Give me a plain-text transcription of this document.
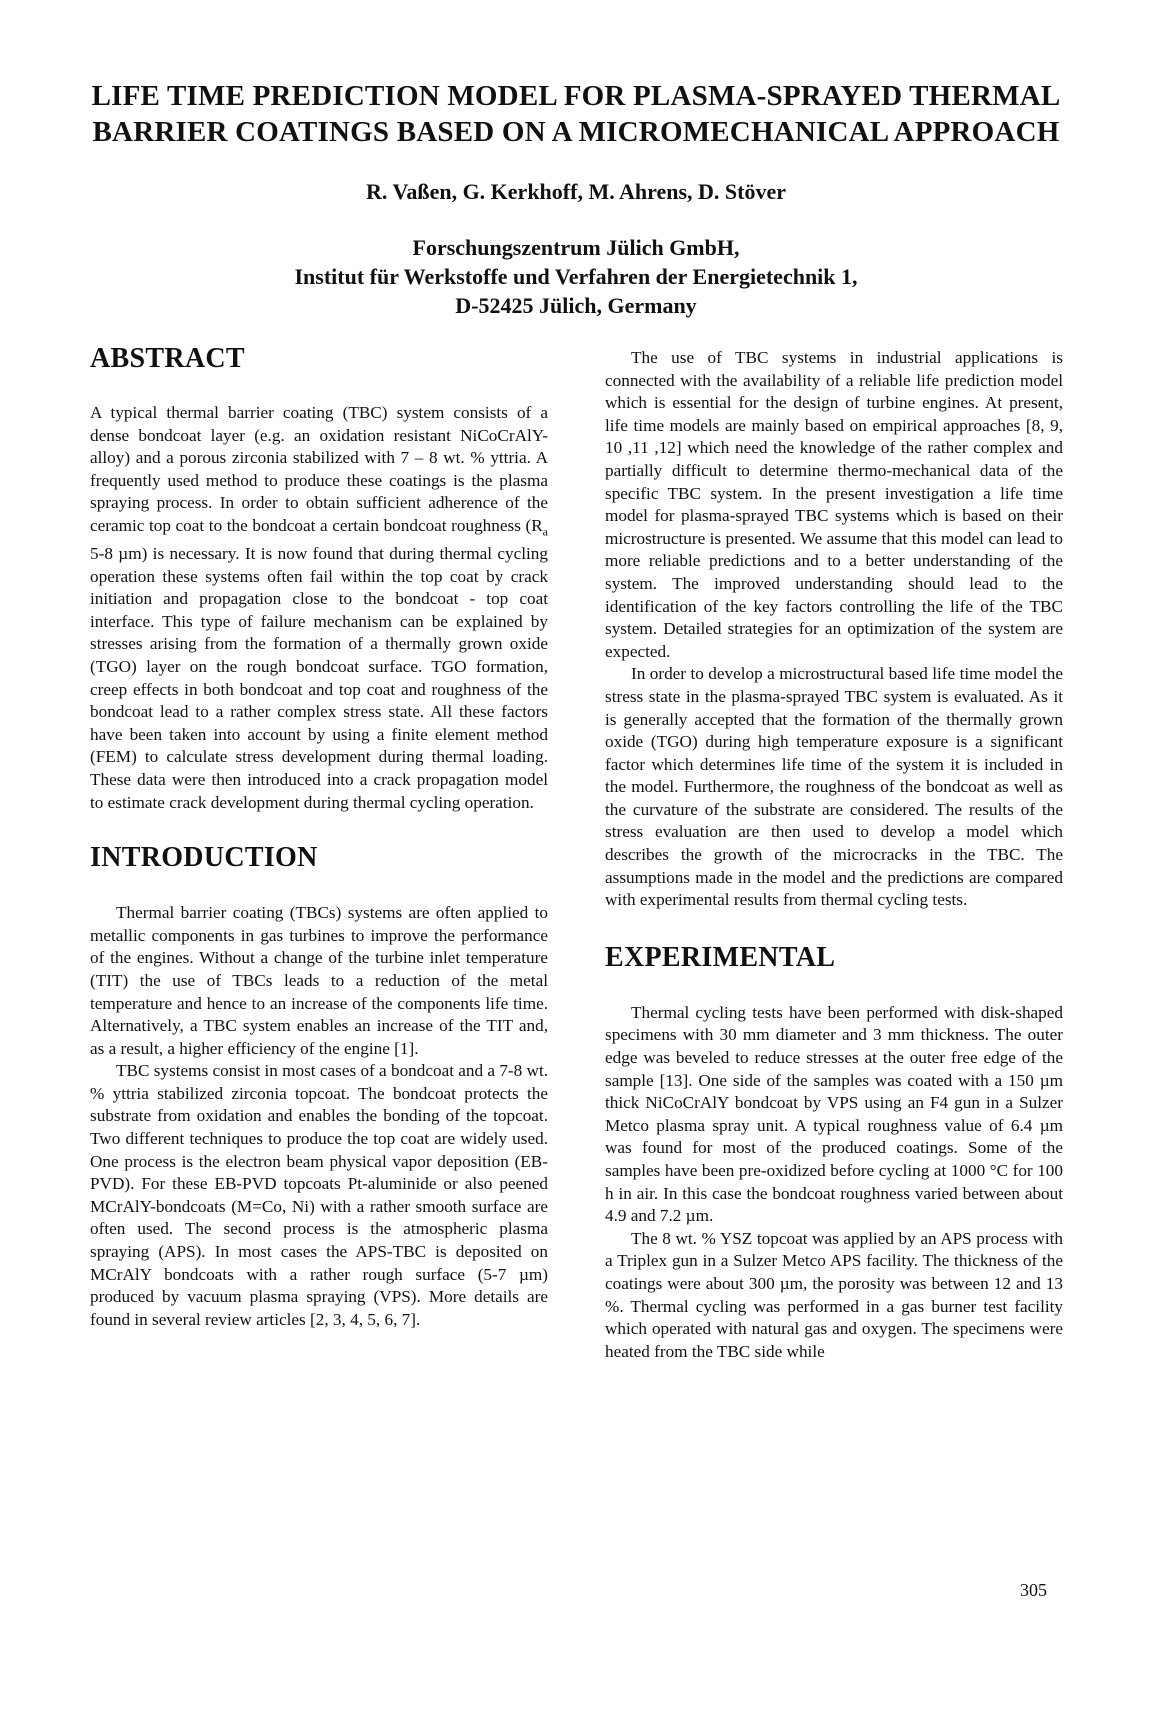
LIFE TIME PREDICTION MODEL FOR PLASMA-SPRAYED THERMAL
BARRIER COATINGS BASED ON A MICROMECHANICAL APPROACH
R. Vaßen, G. Kerkhoff, M. Ahrens, D. Stöver
Forschungszentrum Jülich GmbH,
Institut für Werkstoffe und Verfahren der Energietechnik 1,
D-52425 Jülich, Germany
ABSTRACT

A typical thermal barrier coating (TBC) system consists of a dense bondcoat layer (e.g. an oxidation resistant NiCoCrAlY-alloy) and a porous zirconia stabilized with 7 – 8 wt. % yttria. A frequently used method to produce these coatings is the plasma spraying process. In order to obtain sufficient adherence of the ceramic top coat to the bondcoat a certain bondcoat roughness ($R_a$ 5-8 µm) is necessary. It is now found that during thermal cycling operation these systems often fail within the top coat by crack initiation and propagation close to the bondcoat - top coat interface. This type of failure mechanism can be explained by stresses arising from the formation of a thermally grown oxide (TGO) layer on the rough bondcoat surface. TGO formation, creep effects in both bondcoat and top coat and roughness of the bondcoat lead to a rather complex stress state. All these factors have been taken into account by using a finite element method (FEM) to calculate stress development during thermal loading. These data were then introduced into a crack propagation model to estimate crack development during thermal cycling operation.

INTRODUCTION

Thermal barrier coating (TBCs) systems are often applied to metallic components in gas turbines to improve the performance of the engines. Without a change of the turbine inlet temperature (TIT) the use of TBCs leads to a reduction of the metal temperature and hence to an increase of the components life time. Alternatively, a TBC system enables an increase of the TIT and, as a result, a higher efficiency of the engine [1].

TBC systems consist in most cases of a bondcoat and a 7-8 wt. % yttria stabilized zirconia topcoat. The bondcoat protects the substrate from oxidation and enables the bonding of the topcoat. Two different techniques to produce the top coat are widely used. One process is the electron beam physical vapor deposition (EB-PVD). For these EB-PVD topcoats Pt-aluminide or also peened MCrAlY-bondcoats (M=Co, Ni) with a rather smooth surface are often used. The second process is the atmospheric plasma spraying (APS). In most cases the APS-TBC is deposited on MCrAlY bondcoats with a rather rough surface (5-7 µm) produced by vacuum plasma spraying (VPS). More details are found in several review articles [2, 3, 4, 5, 6, 7].

The use of TBC systems in industrial applications is connected with the availability of a reliable life prediction model which is essential for the design of turbine engines. At present, life time models are mainly based on empirical approaches [8, 9, 10 ,11 ,12] which need the knowledge of the rather complex and partially difficult to determine thermo-mechanical data of the specific TBC system. In the present investigation a life time model for plasma-sprayed TBC systems which is based on their microstructure is presented. We assume that this model can lead to more reliable predictions and to a better understanding of the system. The improved understanding should lead to the identification of the key factors controlling the life of the TBC system. Detailed strategies for an optimization of the system are expected.

In order to develop a microstructural based life time model the stress state in the plasma-sprayed TBC system is evaluated. As it is generally accepted that the formation of the thermally grown oxide (TGO) during high temperature exposure is a significant factor which determines life time of the system it is included in the model. Furthermore, the roughness of the bondcoat as well as the curvature of the substrate are considered. The results of the stress evaluation are then used to develop a model which describes the growth of the microcracks in the TBC. The assumptions made in the model and the predictions are compared with experimental results from thermal cycling tests.

EXPERIMENTAL

Thermal cycling tests have been performed with disk-shaped specimens with 30 mm diameter and 3 mm thickness. The outer edge was beveled to reduce stresses at the outer free edge of the sample [13]. One side of the samples was coated with a 150 µm thick NiCoCrAlY bondcoat by VPS using an F4 gun in a Sulzer Metco plasma spray unit. A typical roughness value of 6.4 µm was found for most of the produced coatings. Some of the samples have been pre-oxidized before cycling at 1000 °C for 100 h in air. In this case the bondcoat roughness varied between about 4.9 and 7.2 µm.

The 8 wt. % YSZ topcoat was applied by an APS process with a Triplex gun in a Sulzer Metco APS facility. The thickness of the coatings were about 300 µm, the porosity was between 12 and 13 %. Thermal cycling was performed in a gas burner test facility which operated with natural gas and oxygen. The specimens were heated from the TBC side while

305
